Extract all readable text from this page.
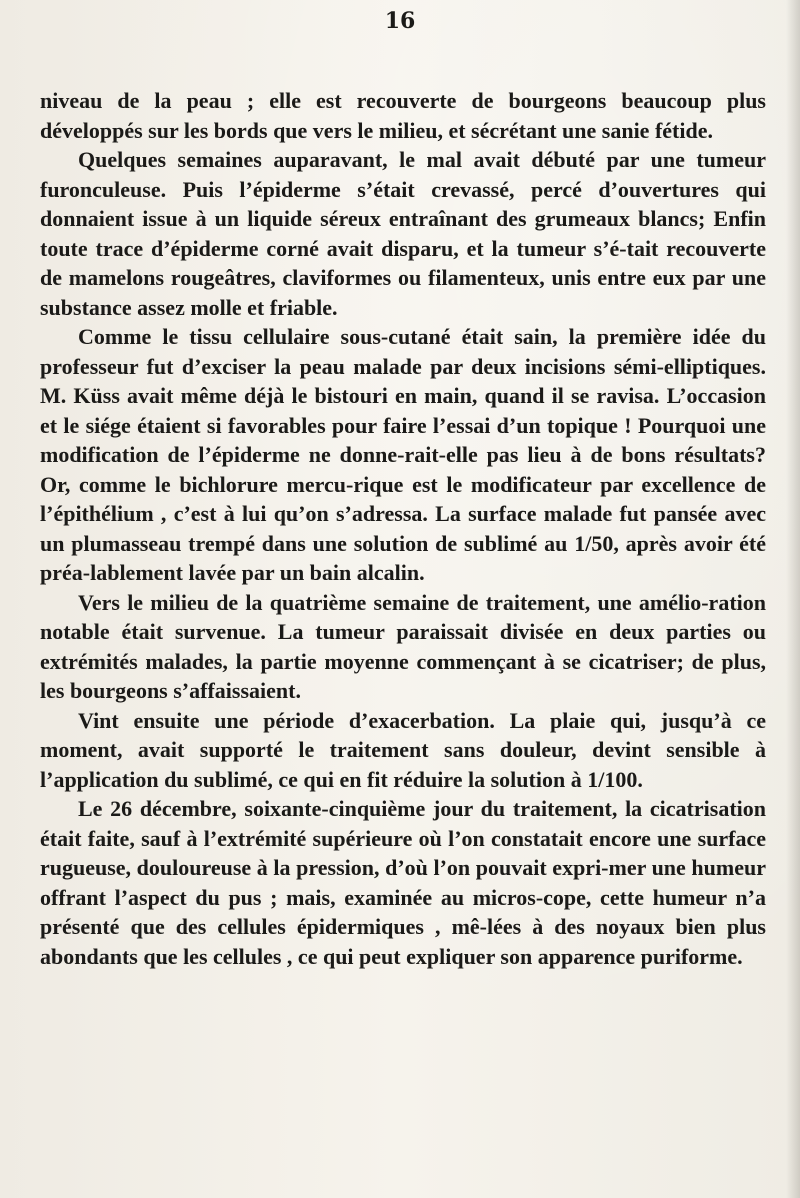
16

niveau de la peau ; elle est recouverte de bourgeons beaucoup plus développés sur les bords que vers le milieu, et sécrétant une sanie fétide.

Quelques semaines auparavant, le mal avait débuté par une tumeur furonculeuse. Puis l’épiderme s’était crevassé, percé d’ouvertures qui donnaient issue à un liquide séreux entraînant des grumeaux blancs; Enfin toute trace d’épiderme corné avait disparu, et la tumeur s’é-tait recouverte de mamelons rougeâtres, claviformes ou filamenteux, unis entre eux par une substance assez molle et friable.

Comme le tissu cellulaire sous-cutané était sain, la première idée du professeur fut d’exciser la peau malade par deux incisions sémi-elliptiques. M. Küss avait même déjà le bistouri en main, quand il se ravisa. L’occasion et le siége étaient si favorables pour faire l’essai d’un topique ! Pourquoi une modification de l’épiderme ne donne-rait-elle pas lieu à de bons résultats? Or, comme le bichlorure mercu-rique est le modificateur par excellence de l’épithélium , c’est à lui qu’on s’adressa. La surface malade fut pansée avec un plumasseau trempé dans une solution de sublimé au 1/50, après avoir été préa-lablement lavée par un bain alcalin.

Vers le milieu de la quatrième semaine de traitement, une amélio-ration notable était survenue. La tumeur paraissait divisée en deux parties ou extrémités malades, la partie moyenne commençant à se cicatriser; de plus, les bourgeons s’affaissaient.

Vint ensuite une période d’exacerbation. La plaie qui, jusqu’à ce moment, avait supporté le traitement sans douleur, devint sensible à l’application du sublimé, ce qui en fit réduire la solution à 1/100.

Le 26 décembre, soixante-cinquième jour du traitement, la cicatrisation était faite, sauf à l’extrémité supérieure où l’on constatait encore une surface rugueuse, douloureuse à la pression, d’où l’on pouvait expri-mer une humeur offrant l’aspect du pus ; mais, examinée au micros-cope, cette humeur n’a présenté que des cellules épidermiques , mê-lées à des noyaux bien plus abondants que les cellules , ce qui peut expliquer son apparence puriforme.
